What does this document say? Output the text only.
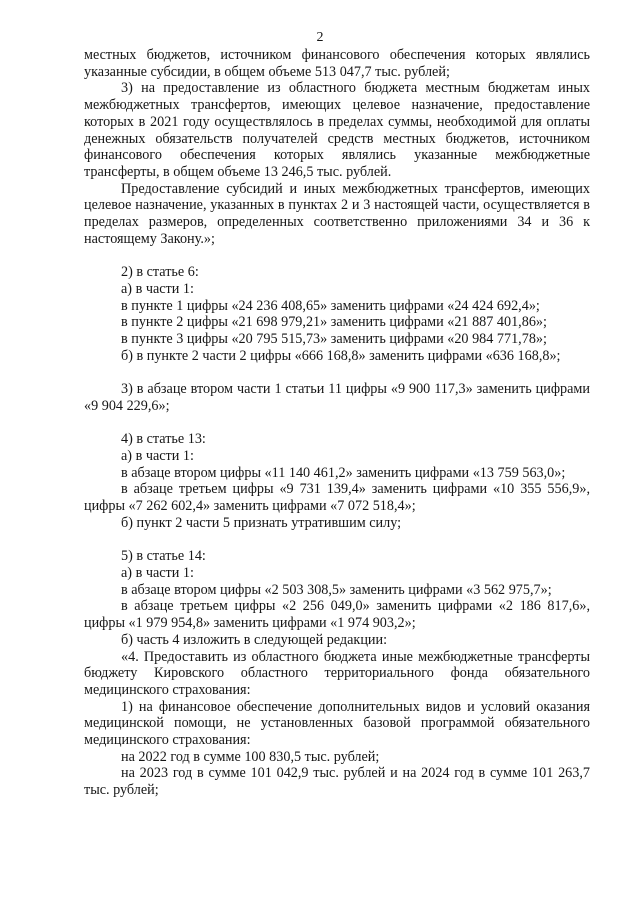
2

местных бюджетов, источником финансового обеспечения которых являлись указанные субсидии, в общем объеме 513 047,7 тыс. рублей;

3) на предоставление из областного бюджета местным бюджетам иных межбюджетных трансфертов, имеющих целевое назначение, предоставление которых в 2021 году осуществлялось в пределах суммы, необходимой для оплаты денежных обязательств получателей средств местных бюджетов, источником финансового обеспечения которых являлись указанные межбюджетные трансферты, в общем объеме 13 246,5 тыс. рублей.

Предоставление субсидий и иных межбюджетных трансфертов, имеющих целевое назначение, указанных в пунктах 2 и 3 настоящей части, осуществляется в пределах размеров, определенных соответственно приложениями 34 и 36 к настоящему Закону.»;

2) в статье 6:

а) в части 1:

в пункте 1 цифры «24 236 408,65» заменить цифрами «24 424 692,4»;

в пункте 2 цифры «21 698 979,21» заменить цифрами «21 887 401,86»;

в пункте 3 цифры «20 795 515,73» заменить цифрами «20 984 771,78»;

б) в пункте 2 части 2 цифры «666 168,8» заменить цифрами «636 168,8»;

3) в абзаце втором части 1 статьи 11 цифры «9 900 117,3» заменить цифрами «9 904 229,6»;

4) в статье 13:

а) в части 1:

в абзаце втором цифры «11 140 461,2» заменить цифрами «13 759 563,0»;

в абзаце третьем цифры «9 731 139,4» заменить цифрами «10 355 556,9», цифры «7 262 602,4» заменить цифрами «7 072 518,4»;

б) пункт 2 части 5 признать утратившим силу;

5) в статье 14:

а) в части 1:

в абзаце втором цифры «2 503 308,5» заменить цифрами «3 562 975,7»;

в абзаце третьем цифры «2 256 049,0» заменить цифрами «2 186 817,6», цифры «1 979 954,8» заменить цифрами «1 974 903,2»;

б) часть 4 изложить в следующей редакции:

«4. Предоставить из областного бюджета иные межбюджетные трансферты бюджету Кировского областного территориального фонда обязательного медицинского страхования:

1) на финансовое обеспечение дополнительных видов и условий оказания медицинской помощи, не установленных базовой программой обязательного медицинского страхования:

на 2022 год в сумме 100 830,5 тыс. рублей;

на 2023 год в сумме 101 042,9 тыс. рублей и на 2024 год в сумме 101 263,7 тыс. рублей;
